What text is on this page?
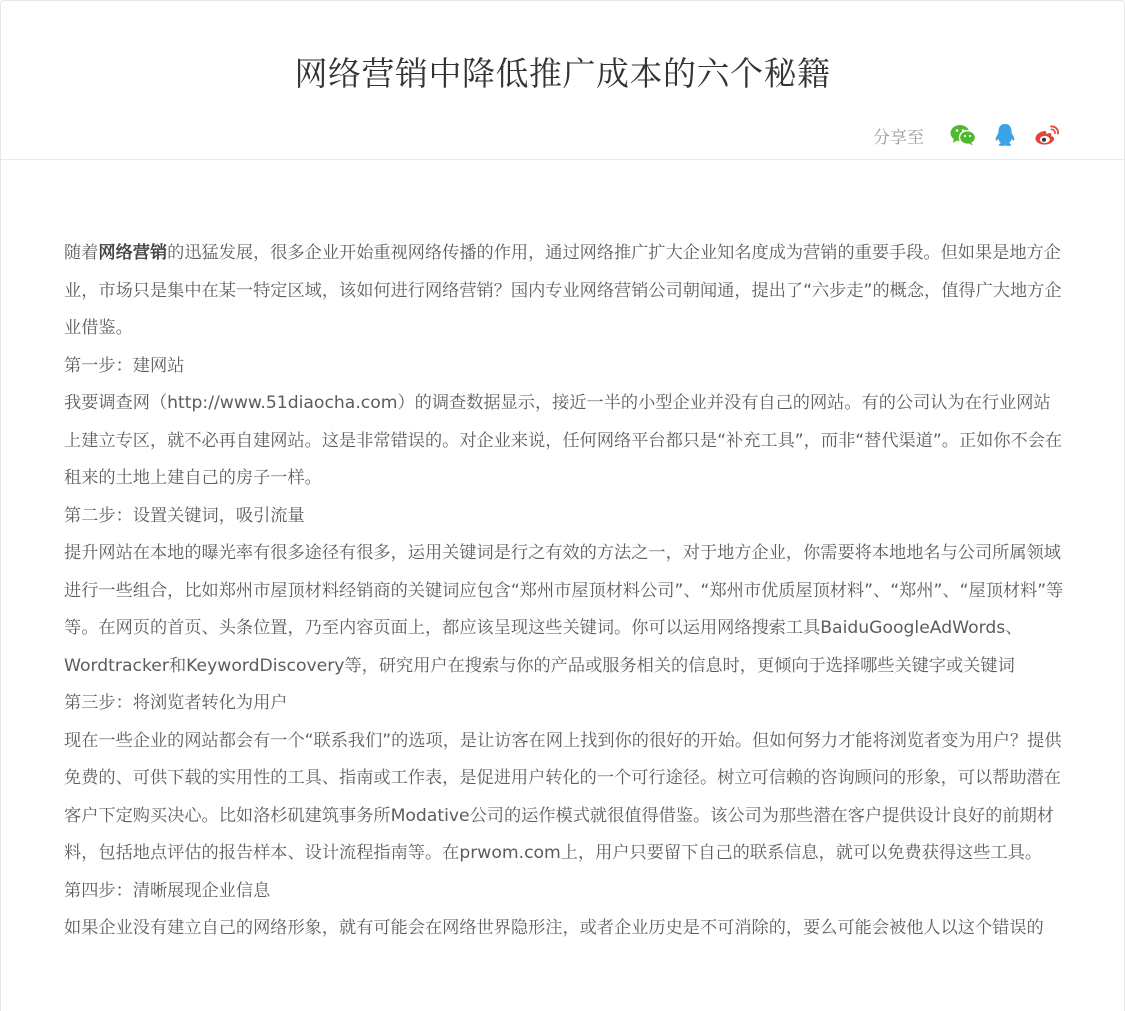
网络营销中降低推广成本的六个秘籍
分享至

随着网络营销的迅猛发展，很多企业开始重视网络传播的作用，通过网络推广扩大企业知名度成为营销的重要手段。但如果是地方企业，市场只是集中在某一特定区域，该如何进行网络营销？国内专业网络营销公司朝闻通，提出了“六步走”的概念，值得广大地方企业借鉴。

第一步：建网站

我要调查网（http://www.51diaocha.com）的调查数据显示，接近一半的小型企业并没有自己的网站。有的公司认为在行业网站上建立专区，就不必再自建网站。这是非常错误的。对企业来说，任何网络平台都只是“补充工具”，而非“替代渠道”。正如你不会在租来的土地上建自己的房子一样。

第二步：设置关键词，吸引流量

提升网站在本地的曝光率有很多途径有很多，运用关键词是行之有效的方法之一，对于地方企业，你需要将本地地名与公司所属领域进行一些组合，比如郑州市屋顶材料经销商的关键词应包含“郑州市屋顶材料公司”、“郑州市优质屋顶材料”、“郑州”、“屋顶材料”等等。在网页的首页、头条位置，乃至内容页面上，都应该呈现这些关键词。你可以运用网络搜索工具BaiduGoogleAdWords、Wordtracker和KeywordDiscovery等，研究用户在搜索与你的产品或服务相关的信息时，更倾向于选择哪些关键字或关键词

第三步：将浏览者转化为用户

现在一些企业的网站都会有一个“联系我们”的选项，是让访客在网上找到你的很好的开始。但如何努力才能将浏览者变为用户？提供免费的、可供下载的实用性的工具、指南或工作表，是促进用户转化的一个可行途径。树立可信赖的咨询顾问的形象，可以帮助潜在客户下定购买决心。比如洛杉矶建筑事务所Modative公司的运作模式就很值得借鉴。该公司为那些潜在客户提供设计良好的前期材料，包括地点评估的报告样本、设计流程指南等。在prwom.com上，用户只要留下自己的联系信息，就可以免费获得这些工具。

第四步：清晰展现企业信息

如果企业没有建立自己的网络形象，就有可能会在网络世界隐形注，或者企业历史是不可消除的，要么可能会被他人以这个错误的
